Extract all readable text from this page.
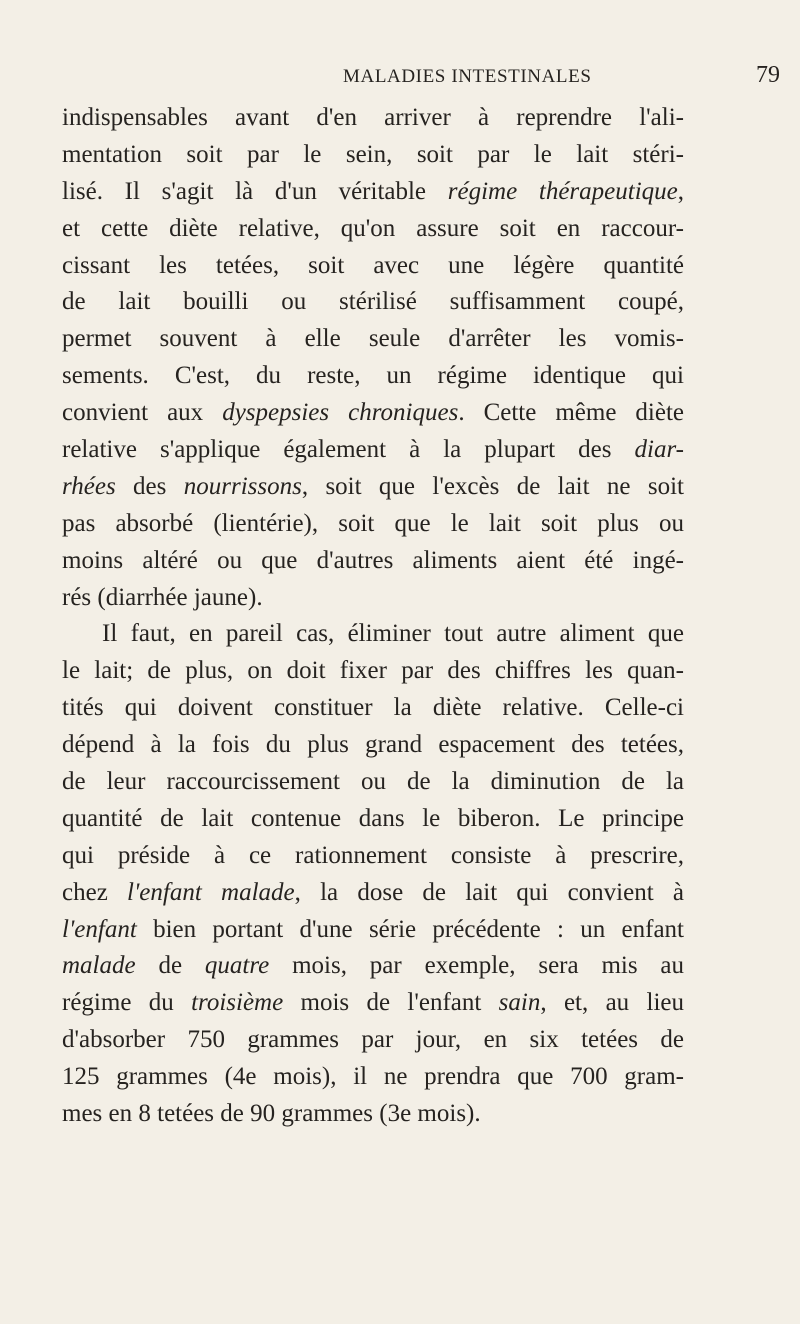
MALADIES INTESTINALES	79
indispensables avant d'en arriver à reprendre l'ali-
mentation soit par le sein, soit par le lait stéri-
lisé. Il s'agit là d'un véritable régime thérapeutique,
et cette diète relative, qu'on assure soit en raccour-
cissant les tetées, soit avec une légère quantité
de lait bouilli ou stérilisé suffisamment coupé,
permet souvent à elle seule d'arrêter les vomis-
sements. C'est, du reste, un régime identique qui
convient aux dyspepsies chroniques. Cette même diète
relative s'applique également à la plupart des diar-
rhées des nourrissons, soit que l'excès de lait ne soit
pas absorbé (lientérie), soit que le lait soit plus ou
moins altéré ou que d'autres aliments aient été ingé-
rés (diarrhée jaune).
Il faut, en pareil cas, éliminer tout autre aliment que
le lait; de plus, on doit fixer par des chiffres les quan-
tités qui doivent constituer la diète relative. Celle-ci
dépend à la fois du plus grand espacement des tetées,
de leur raccourcissement ou de la diminution de la
quantité de lait contenue dans le biberon. Le principe
qui préside à ce rationnement consiste à prescrire,
chez l'enfant malade, la dose de lait qui convient à
l'enfant bien portant d'une série précédente : un enfant
malade de quatre mois, par exemple, sera mis au
régime du troisième mois de l'enfant sain, et, au lieu
d'absorber 750 grammes par jour, en six tetées de
125 grammes (4e mois), il ne prendra que 700 gram-
mes en 8 tetées de 90 grammes (3e mois).
